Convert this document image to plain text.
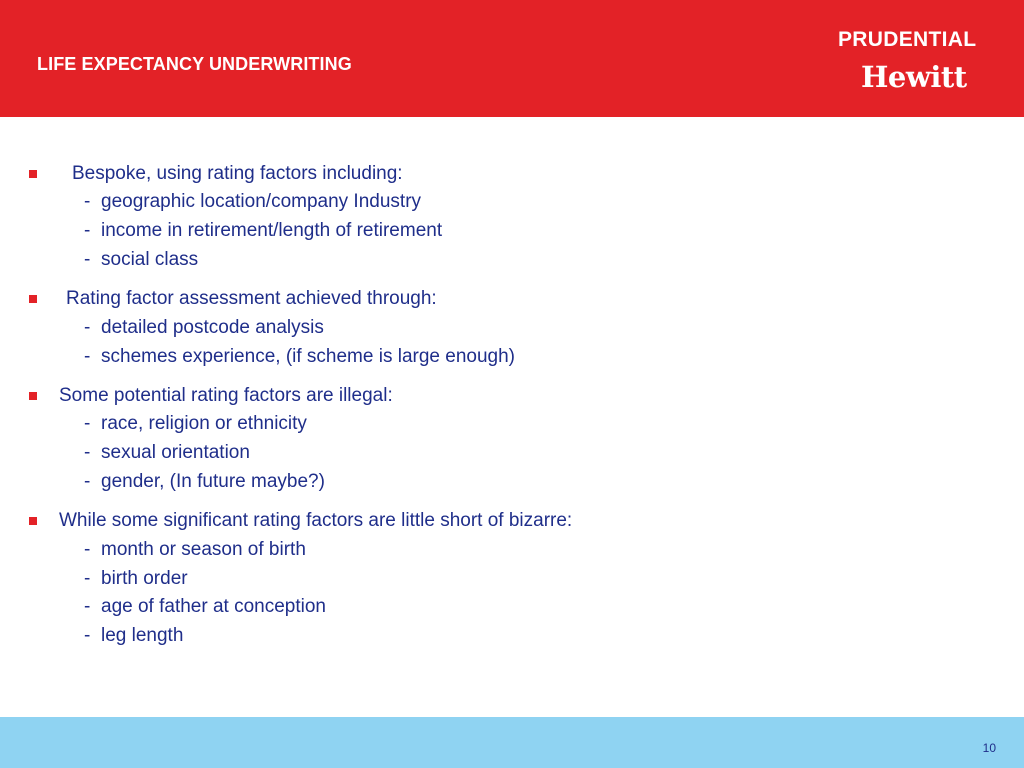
LIFE EXPECTANCY UNDERWRITING
PRUDENTIAL
Hewitt
Bespoke, using rating factors including:
- geographic location/company Industry
- income in retirement/length of retirement
- social class
Rating factor assessment achieved through:
- detailed postcode analysis
- schemes experience, (if scheme is large enough)
Some potential rating factors are illegal:
- race, religion or ethnicity
- sexual orientation
- gender, (In future maybe?)
While some significant rating factors are little short of bizarre:
- month or season of birth
- birth order
- age of father at conception
- leg length
10
